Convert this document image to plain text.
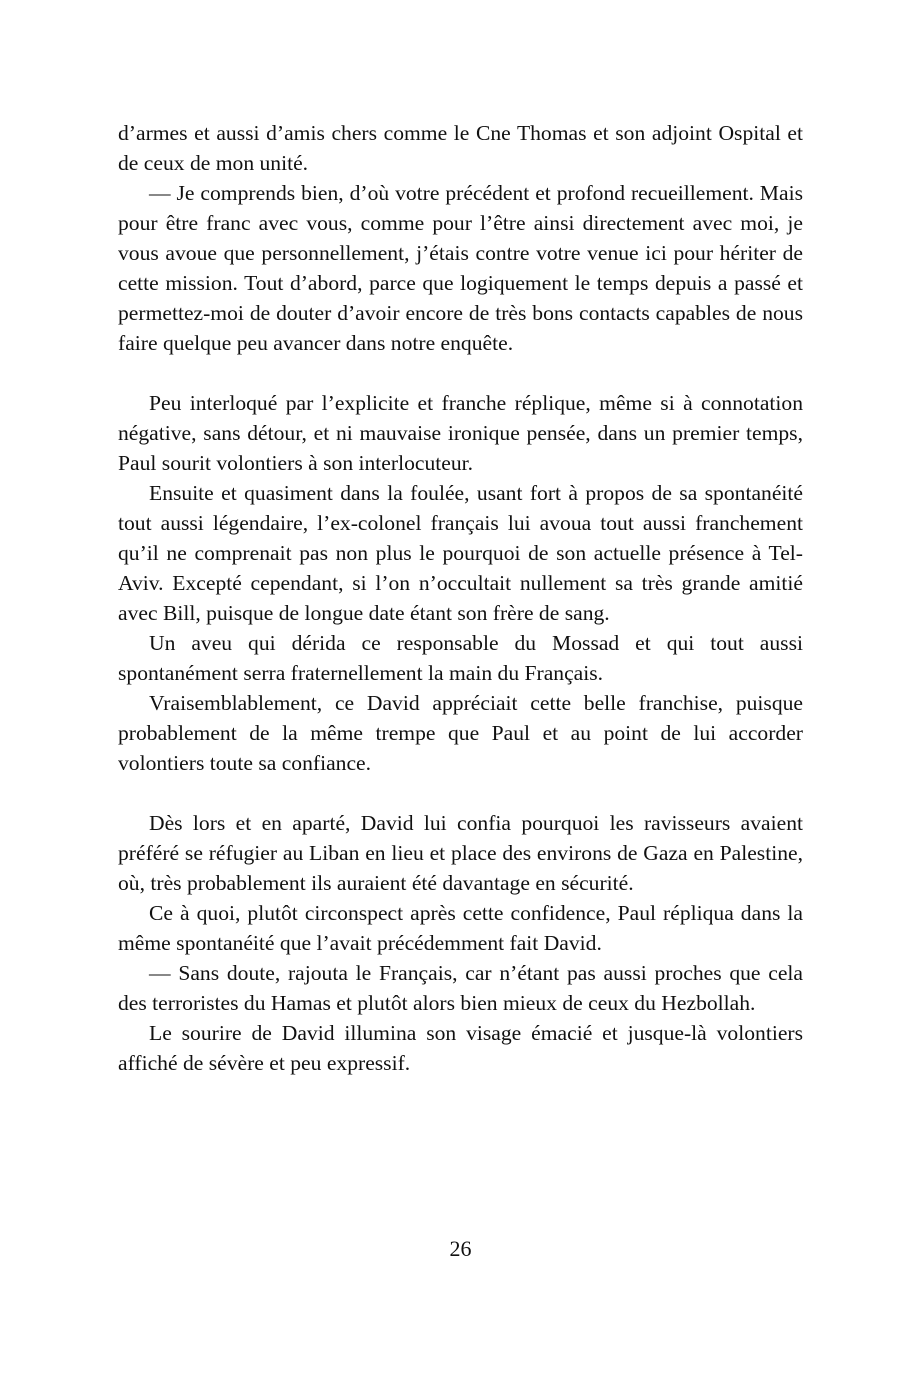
d’armes et aussi d’amis chers comme le Cne Thomas et son adjoint Ospital et de ceux de mon unité.

— Je comprends bien, d’où votre précédent et profond recueillement. Mais pour être franc avec vous, comme pour l’être ainsi directement avec moi, je vous avoue que personnellement, j’étais contre votre venue ici pour hériter de cette mission. Tout d’abord, parce que logiquement le temps depuis a passé et permettez-moi de douter d’avoir encore de très bons contacts capables de nous faire quelque peu avancer dans notre enquête.

Peu interloqué par l’explicite et franche réplique, même si à connotation négative, sans détour, et ni mauvaise ironique pensée, dans un premier temps, Paul sourit volontiers à son interlocuteur.

Ensuite et quasiment dans la foulée, usant fort à propos de sa spontanéité tout aussi légendaire, l’ex-colonel français lui avoua tout aussi franchement qu’il ne comprenait pas non plus le pourquoi de son actuelle présence à Tel-Aviv. Excepté cependant, si l’on n’occultait nullement sa très grande amitié avec Bill, puisque de longue date étant son frère de sang.

Un aveu qui dérida ce responsable du Mossad et qui tout aussi spontanément serra fraternellement la main du Français.

Vraisemblablement, ce David appréciait cette belle franchise, puisque probablement de la même trempe que Paul et au point de lui accorder volontiers toute sa confiance.

Dès lors et en aparté, David lui confia pourquoi les ravisseurs avaient préféré se réfugier au Liban en lieu et place des environs de Gaza en Palestine, où, très probablement ils auraient été davantage en sécurité.

Ce à quoi, plutôt circonspect après cette confidence, Paul répliqua dans la même spontanéité que l’avait précédemment fait David.

— Sans doute, rajouta le Français, car n’étant pas aussi proches que cela des terroristes du Hamas et plutôt alors bien mieux de ceux du Hezbollah.

Le sourire de David illumina son visage émacié et jusque-là volontiers affiché de sévère et peu expressif.

26
